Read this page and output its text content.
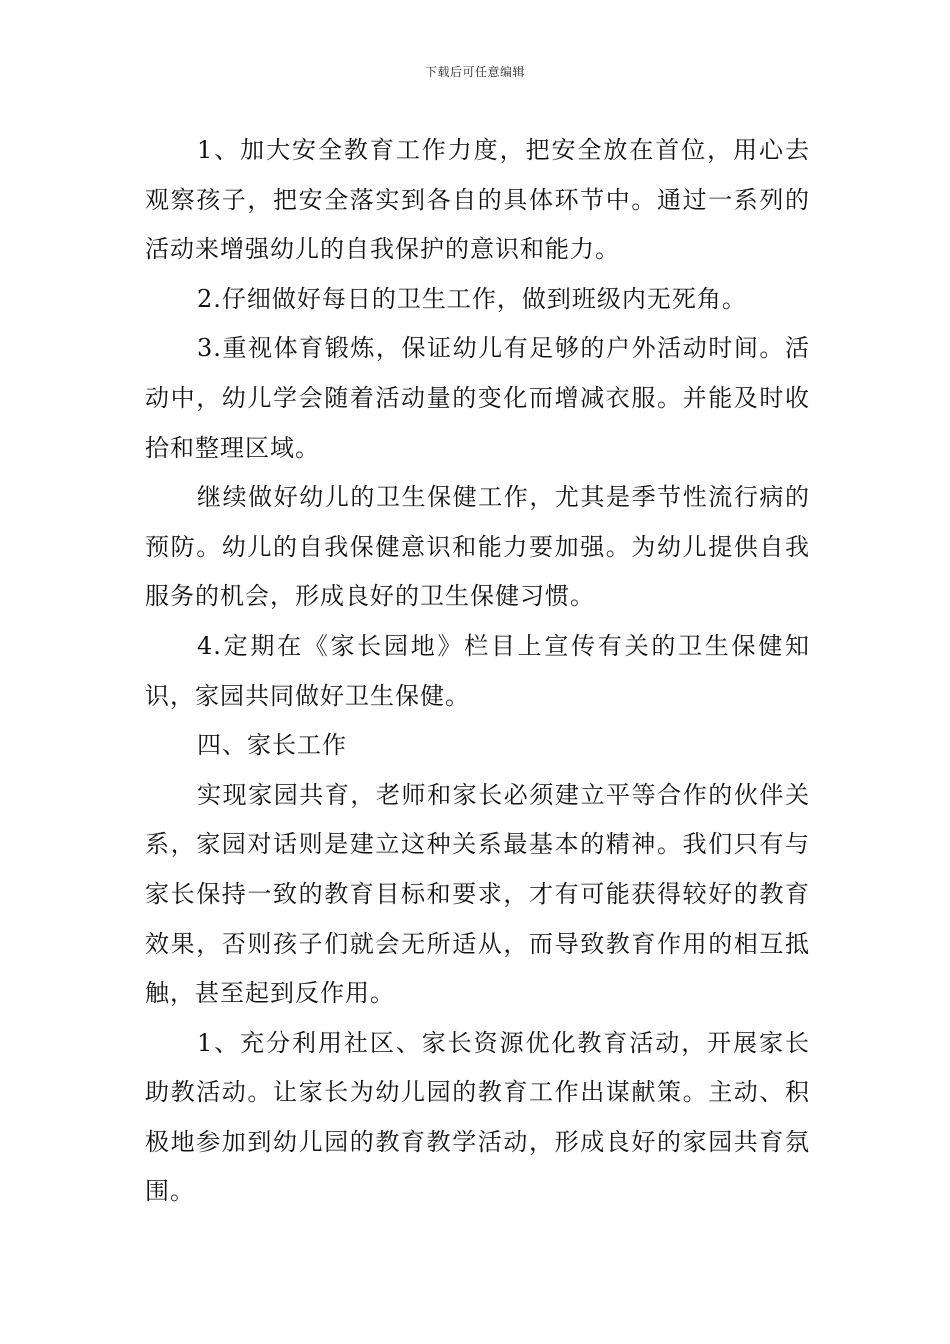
下载后可任意编辑

1、加大安全教育工作力度，把安全放在首位，用心去观察孩子，把安全落实到各自的具体环节中。通过一系列的活动来增强幼儿的自我保护的意识和能力。

2.仔细做好每日的卫生工作，做到班级内无死角。

3.重视体育锻炼，保证幼儿有足够的户外活动时间。活动中，幼儿学会随着活动量的变化而增减衣服。并能及时收拾和整理区域。

继续做好幼儿的卫生保健工作，尤其是季节性流行病的预防。幼儿的自我保健意识和能力要加强。为幼儿提供自我服务的机会，形成良好的卫生保健习惯。

4.定期在《家长园地》栏目上宣传有关的卫生保健知识，家园共同做好卫生保健。

四、家长工作

实现家园共育，老师和家长必须建立平等合作的伙伴关系，家园对话则是建立这种关系最基本的精神。我们只有与家长保持一致的教育目标和要求，才有可能获得较好的教育效果，否则孩子们就会无所适从，而导致教育作用的相互抵触，甚至起到反作用。

1、充分利用社区、家长资源优化教育活动，开展家长助教活动。让家长为幼儿园的教育工作出谋献策。主动、积极地参加到幼儿园的教育教学活动，形成良好的家园共育氛围。
